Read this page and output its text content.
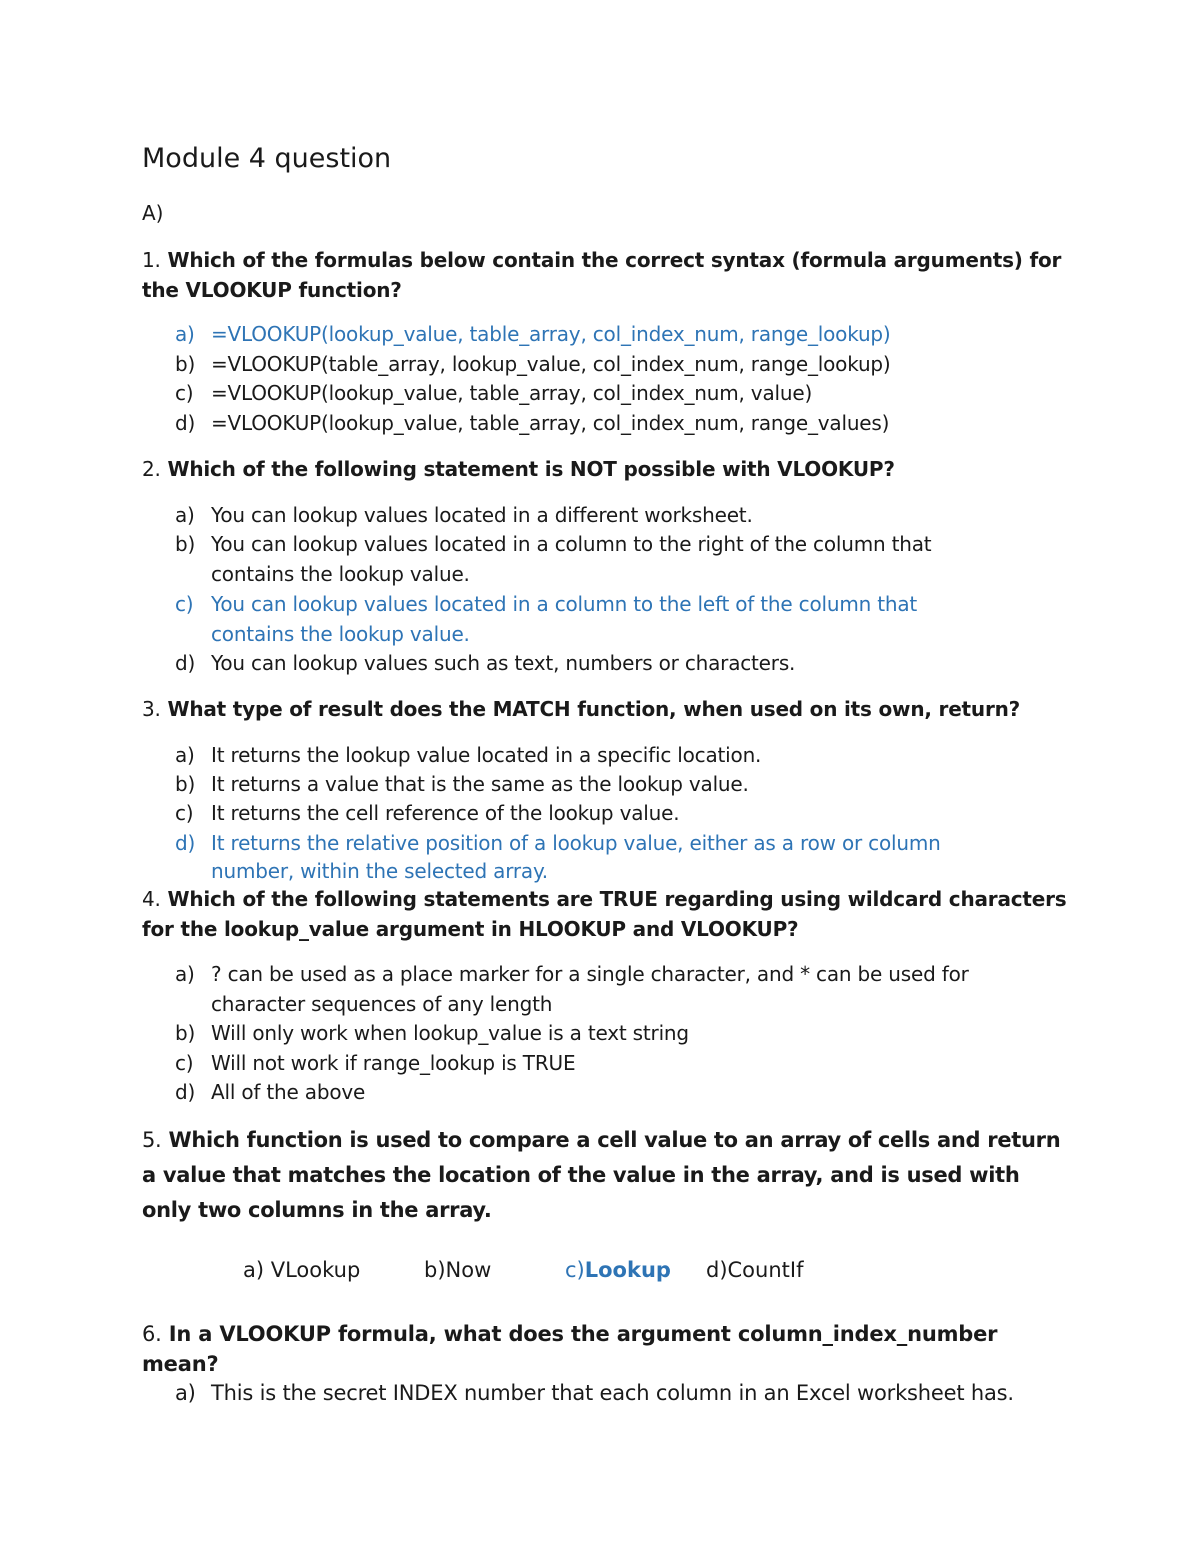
Module 4 question
A)
1. Which of the formulas below contain the correct syntax (formula arguments) for the VLOOKUP function?
a) =VLOOKUP(lookup_value, table_array, col_index_num, range_lookup)
b) =VLOOKUP(table_array, lookup_value, col_index_num, range_lookup)
c) =VLOOKUP(lookup_value, table_array, col_index_num, value)
d) =VLOOKUP(lookup_value, table_array, col_index_num, range_values)
2. Which of the following statement is NOT possible with VLOOKUP?
a) You can lookup values located in a different worksheet.
b) You can lookup values located in a column to the right of the column that contains the lookup value.
c) You can lookup values located in a column to the left of the column that contains the lookup value.
d) You can lookup values such as text, numbers or characters.
3. What type of result does the MATCH function, when used on its own, return?
a) It returns the lookup value located in a specific location.
b) It returns a value that is the same as the lookup value.
c) It returns the cell reference of the lookup value.
d) It returns the relative position of a lookup value, either as a row or column number, within the selected array.
4. Which of the following statements are TRUE regarding using wildcard characters for the lookup_value argument in HLOOKUP and VLOOKUP?
a) ? can be used as a place marker for a single character, and * can be used for character sequences of any length
b) Will only work when lookup_value is a text string
c) Will not work if range_lookup is TRUE
d) All of the above
5. Which function is used to compare a cell value to an array of cells and return a value that matches the location of the value in the array, and is used with only two columns in the array.
a) VLookup	b)Now	c)Lookup d)CountIf
6. In a VLOOKUP formula, what does the argument column_index_number mean?
a) This is the secret INDEX number that each column in an Excel worksheet has.
